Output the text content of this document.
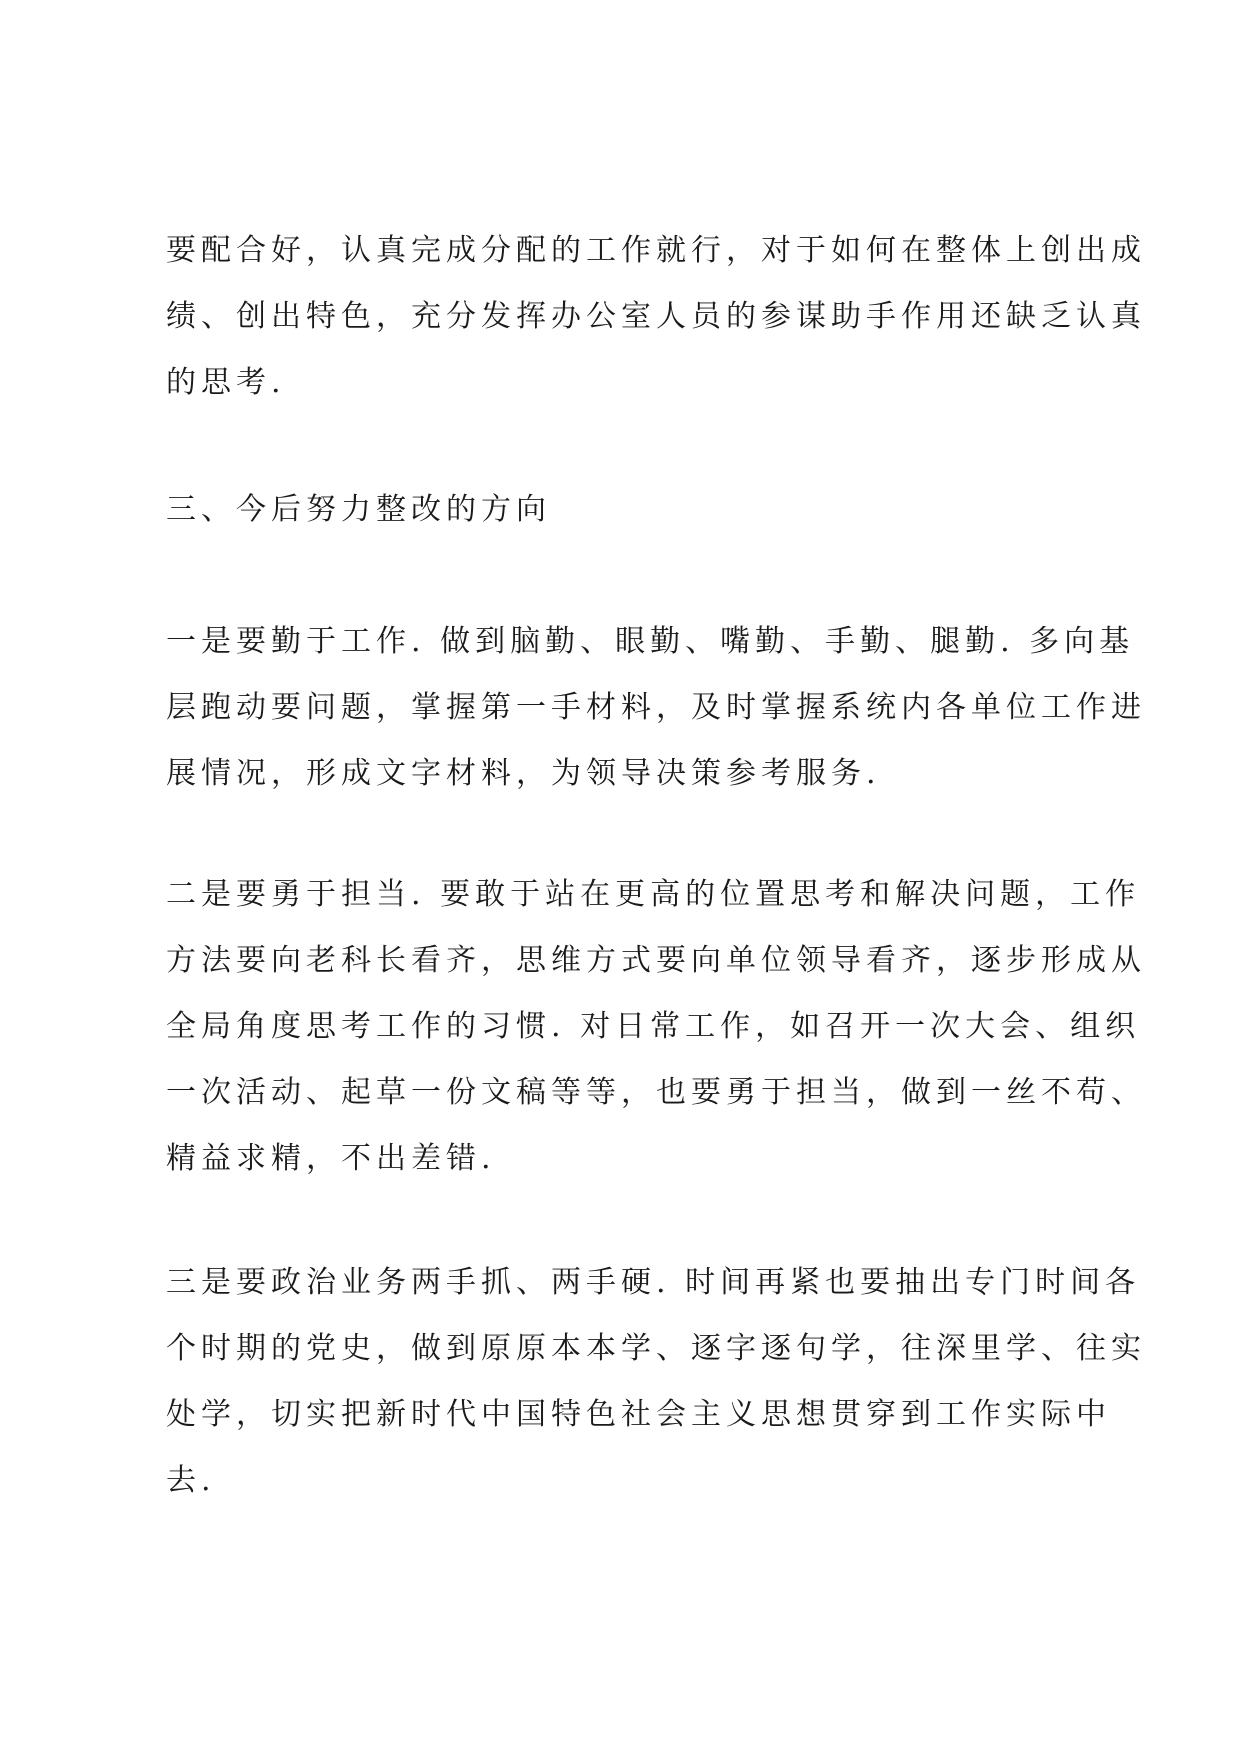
要配合好，认真完成分配的工作就行，对于如何在整体上创出成
绩、创出特色，充分发挥办公室人员的参谋助手作用还缺乏认真
的思考.
三、今后努力整改的方向
一是要勤于工作. 做到脑勤、眼勤、嘴勤、手勤、腿勤. 多向基
层跑动要问题，掌握第一手材料，及时掌握系统内各单位工作进
展情况，形成文字材料，为领导决策参考服务.
二是要勇于担当. 要敢于站在更高的位置思考和解决问题，工作
方法要向老科长看齐，思维方式要向单位领导看齐，逐步形成从
全局角度思考工作的习惯. 对日常工作，如召开一次大会、组织
一次活动、起草一份文稿等等，也要勇于担当，做到一丝不苟、
精益求精，不出差错.
三是要政治业务两手抓、两手硬. 时间再紧也要抽出专门时间各
个时期的党史，做到原原本本学、逐字逐句学，往深里学、往实
处学，切实把新时代中国特色社会主义思想贯穿到工作实际中
去.
